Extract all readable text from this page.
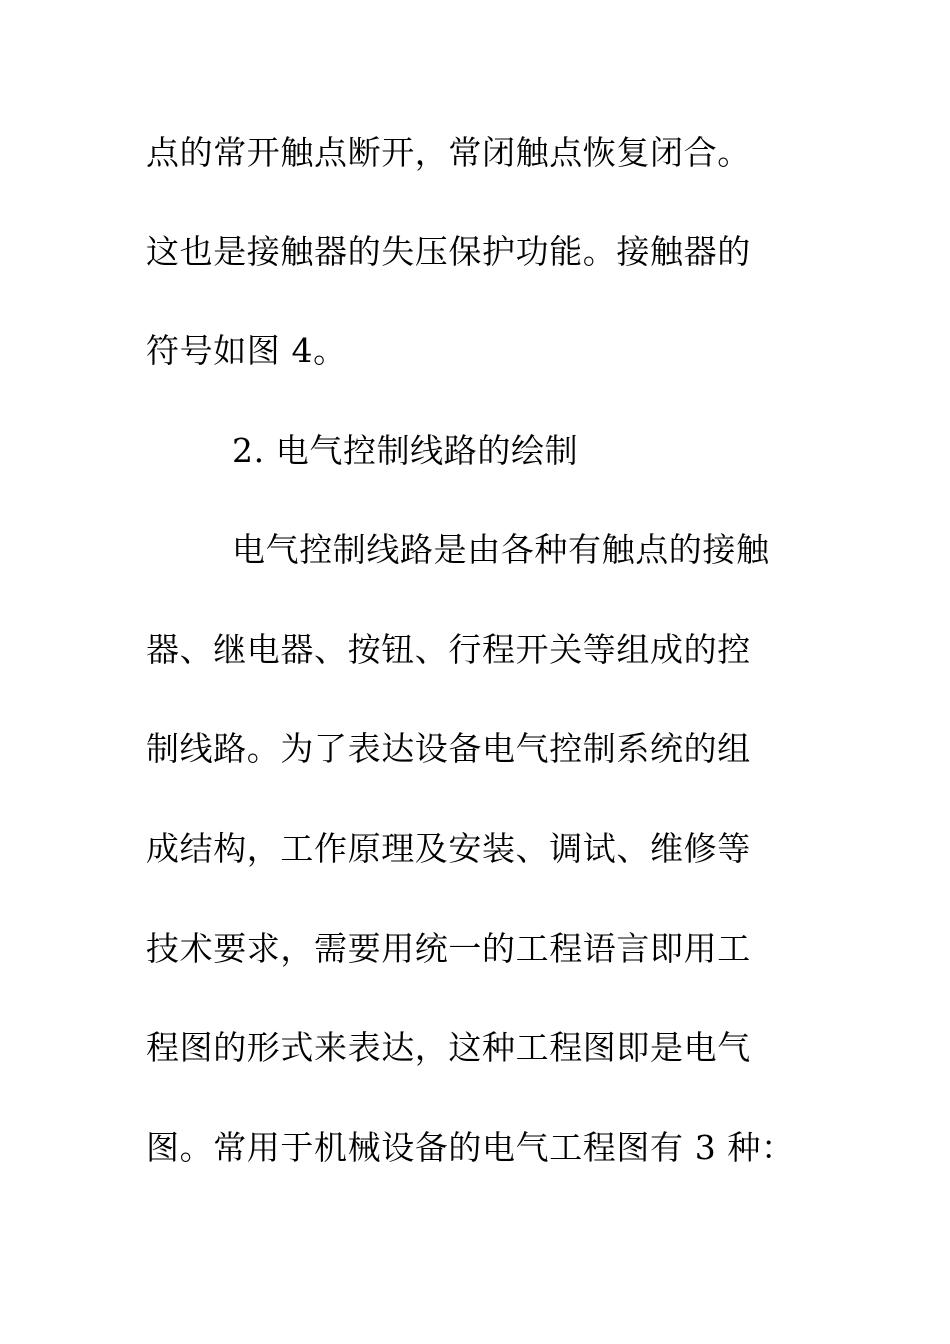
点的常开触点断开，常闭触点恢复闭合。
这也是接触器的失压保护功能。接触器的
符号如图 4。
2. 电气控制线路的绘制
电气控制线路是由各种有触点的接触
器、继电器、按钮、行程开关等组成的控
制线路。为了表达设备电气控制系统的组
成结构，工作原理及安装、调试、维修等
技术要求，需要用统一的工程语言即用工
程图的形式来表达，这种工程图即是电气
图。常用于机械设备的电气工程图有 3 种：
